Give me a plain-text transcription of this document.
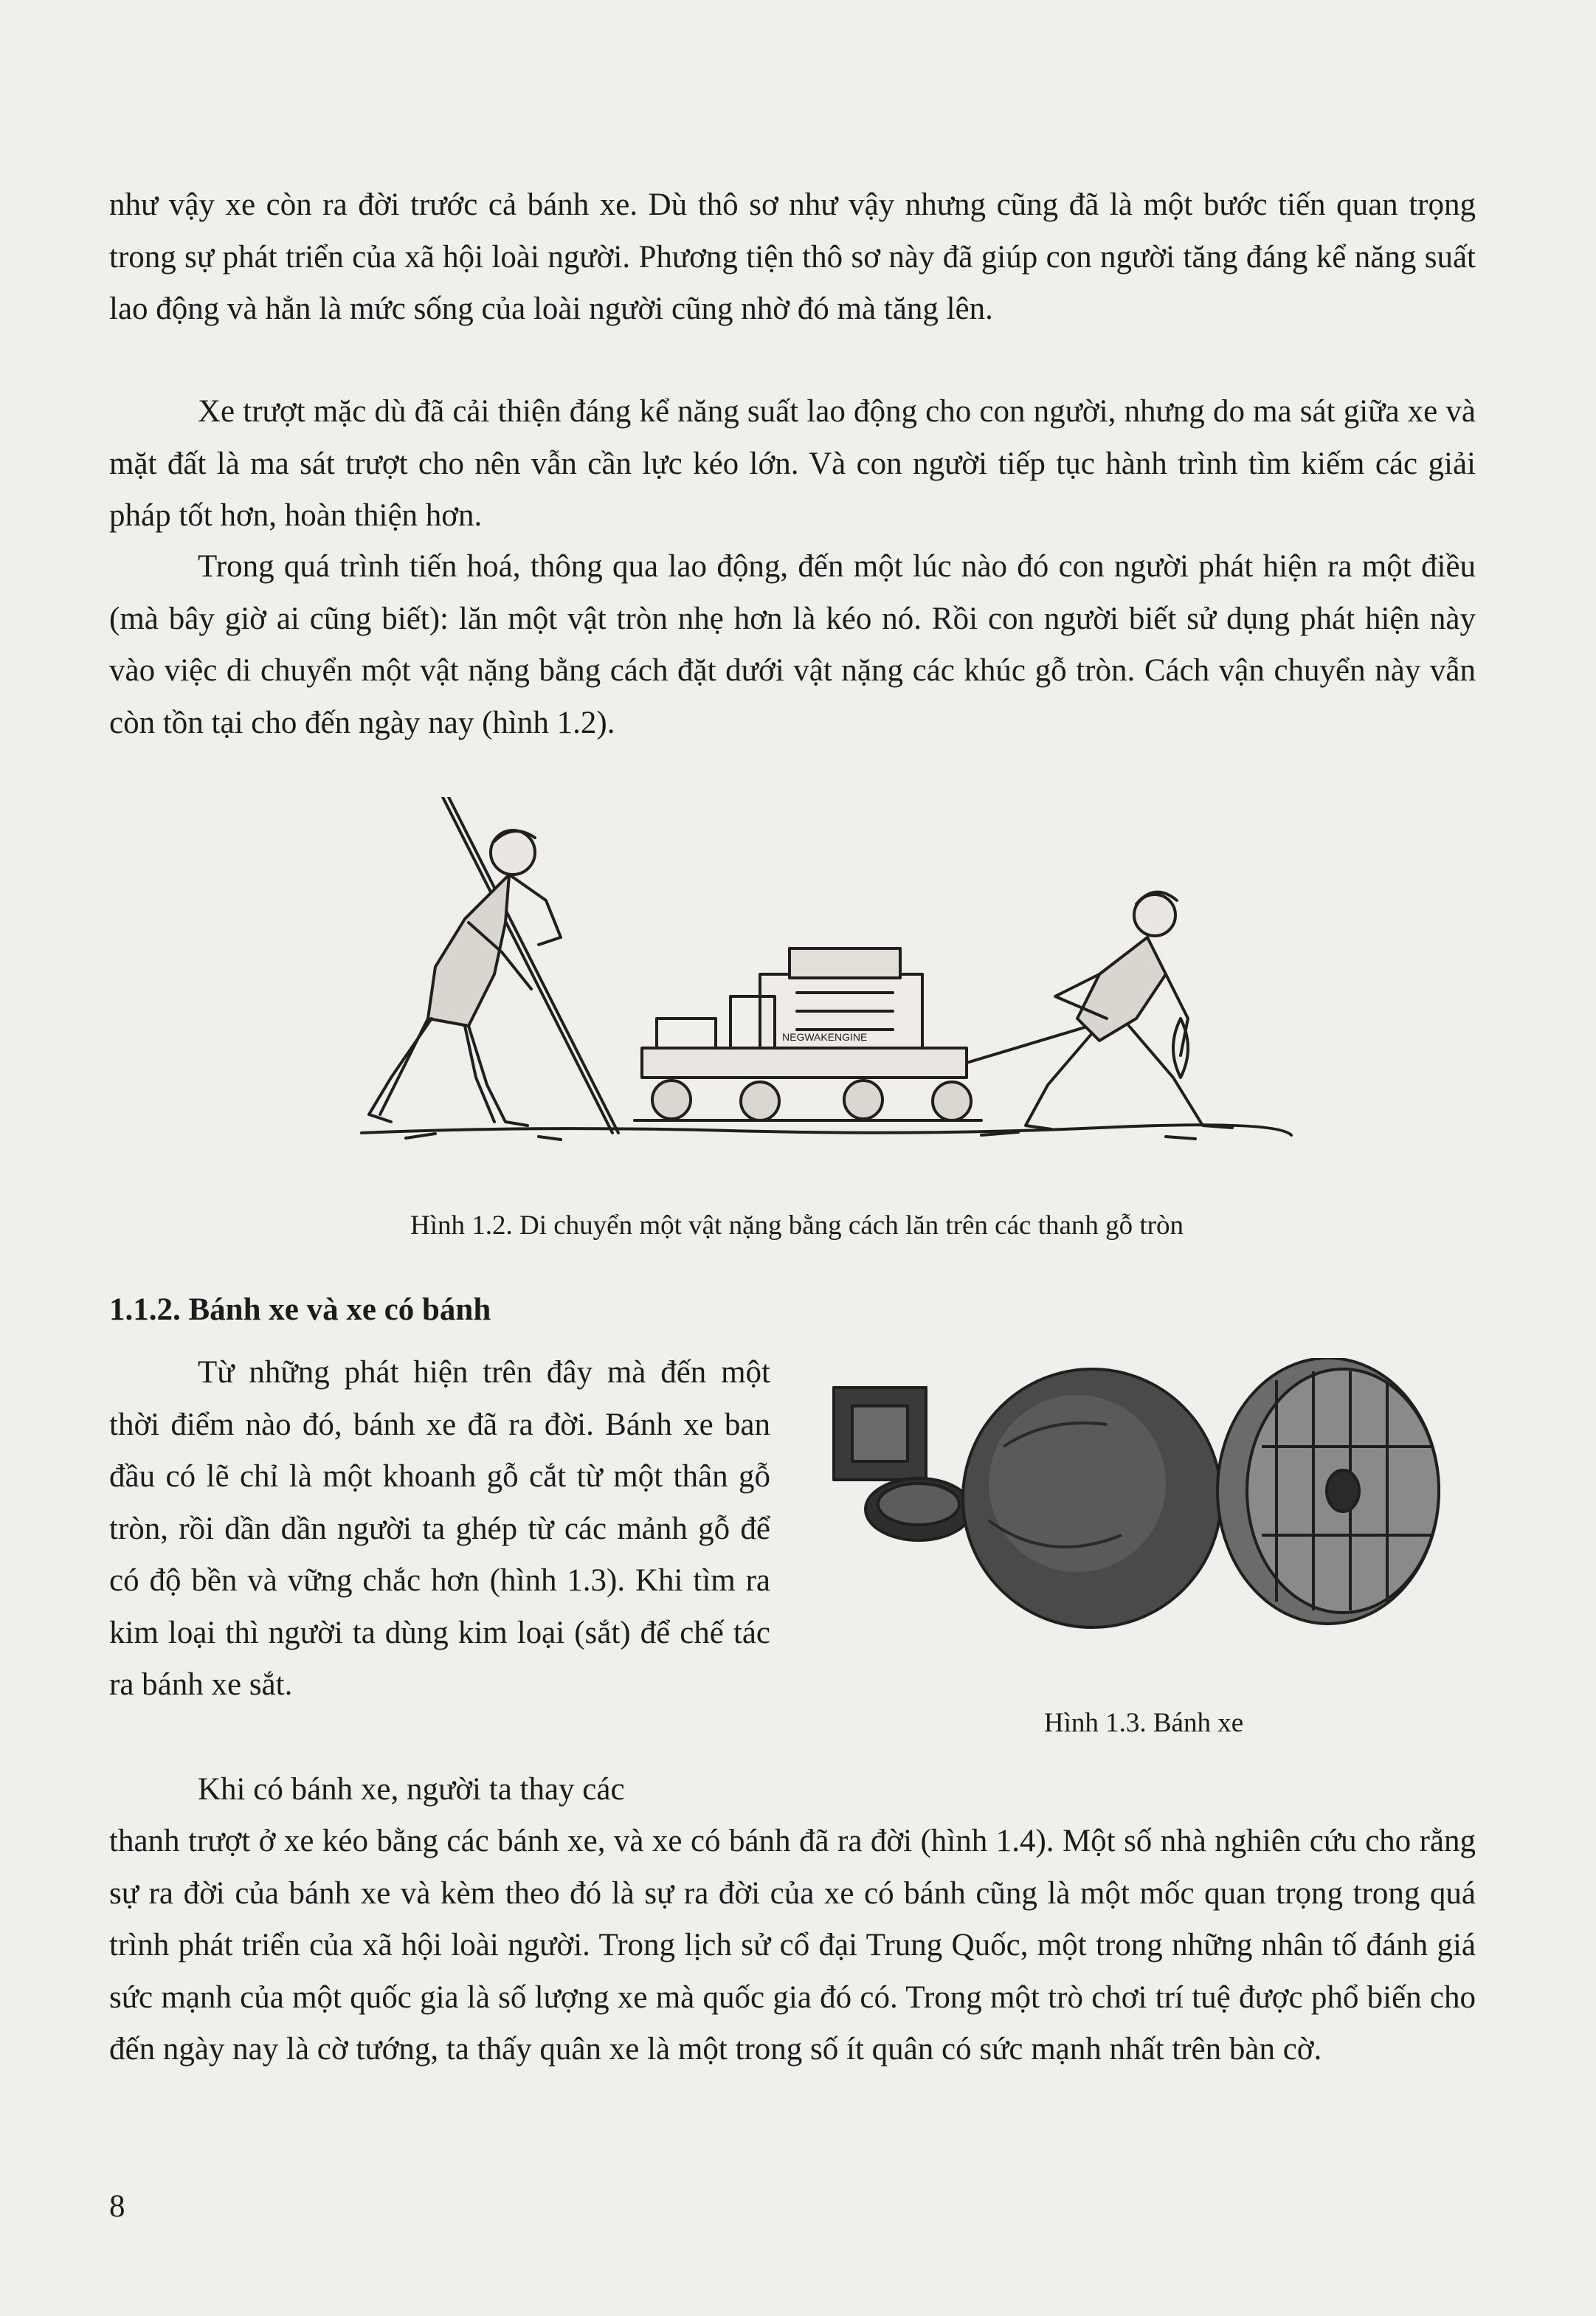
như vậy xe còn ra đời trước cả bánh xe. Dù thô sơ như vậy nhưng cũng đã là một bước tiến quan trọng trong sự phát triển của xã hội loài người. Phương tiện thô sơ này đã giúp con người tăng đáng kể năng suất lao động và hẳn là mức sống của loài người cũng nhờ đó mà tăng lên.

Xe trượt mặc dù đã cải thiện đáng kể năng suất lao động cho con người, nhưng do ma sát giữa xe và mặt đất là ma sát trượt cho nên vẫn cần lực kéo lớn. Và con người tiếp tục hành trình tìm kiếm các giải pháp tốt hơn, hoàn thiện hơn.

Trong quá trình tiến hoá, thông qua lao động, đến một lúc nào đó con người phát hiện ra một điều (mà bây giờ ai cũng biết): lăn một vật tròn nhẹ hơn là kéo nó. Rồi con người biết sử dụng phát hiện này vào việc di chuyển một vật nặng bằng cách đặt dưới vật nặng các khúc gỗ tròn. Cách vận chuyển này vẫn còn tồn tại cho đến ngày nay (hình 1.2).

NEGWAKENGINE

Hình 1.2. Di chuyển một vật nặng bằng cách lăn trên các thanh gỗ tròn

1.1.2. Bánh xe và xe có bánh

Từ những phát hiện trên đây mà đến một thời điểm nào đó, bánh xe đã ra đời. Bánh xe ban đầu có lẽ chỉ là một khoanh gỗ cắt từ một thân gỗ tròn, rồi dần dần người ta ghép từ các mảnh gỗ để có độ bền và vững chắc hơn (hình 1.3). Khi tìm ra kim loại thì người ta dùng kim loại (sắt) để chế tác ra bánh xe sắt.

Hình 1.3. Bánh xe

Khi có bánh xe, người ta thay các

thanh trượt ở xe kéo bằng các bánh xe, và xe có bánh đã ra đời (hình 1.4). Một số nhà nghiên cứu cho rằng sự ra đời của bánh xe và kèm theo đó là sự ra đời của xe có bánh cũng là một mốc quan trọng trong quá trình phát triển của xã hội loài người. Trong lịch sử cổ đại Trung Quốc, một trong những nhân tố đánh giá sức mạnh của một quốc gia là số lượng xe mà quốc gia đó có. Trong một trò chơi trí tuệ được phổ biến cho đến ngày nay là cờ tướng, ta thấy quân xe là một trong số ít quân có sức mạnh nhất trên bàn cờ.

8
